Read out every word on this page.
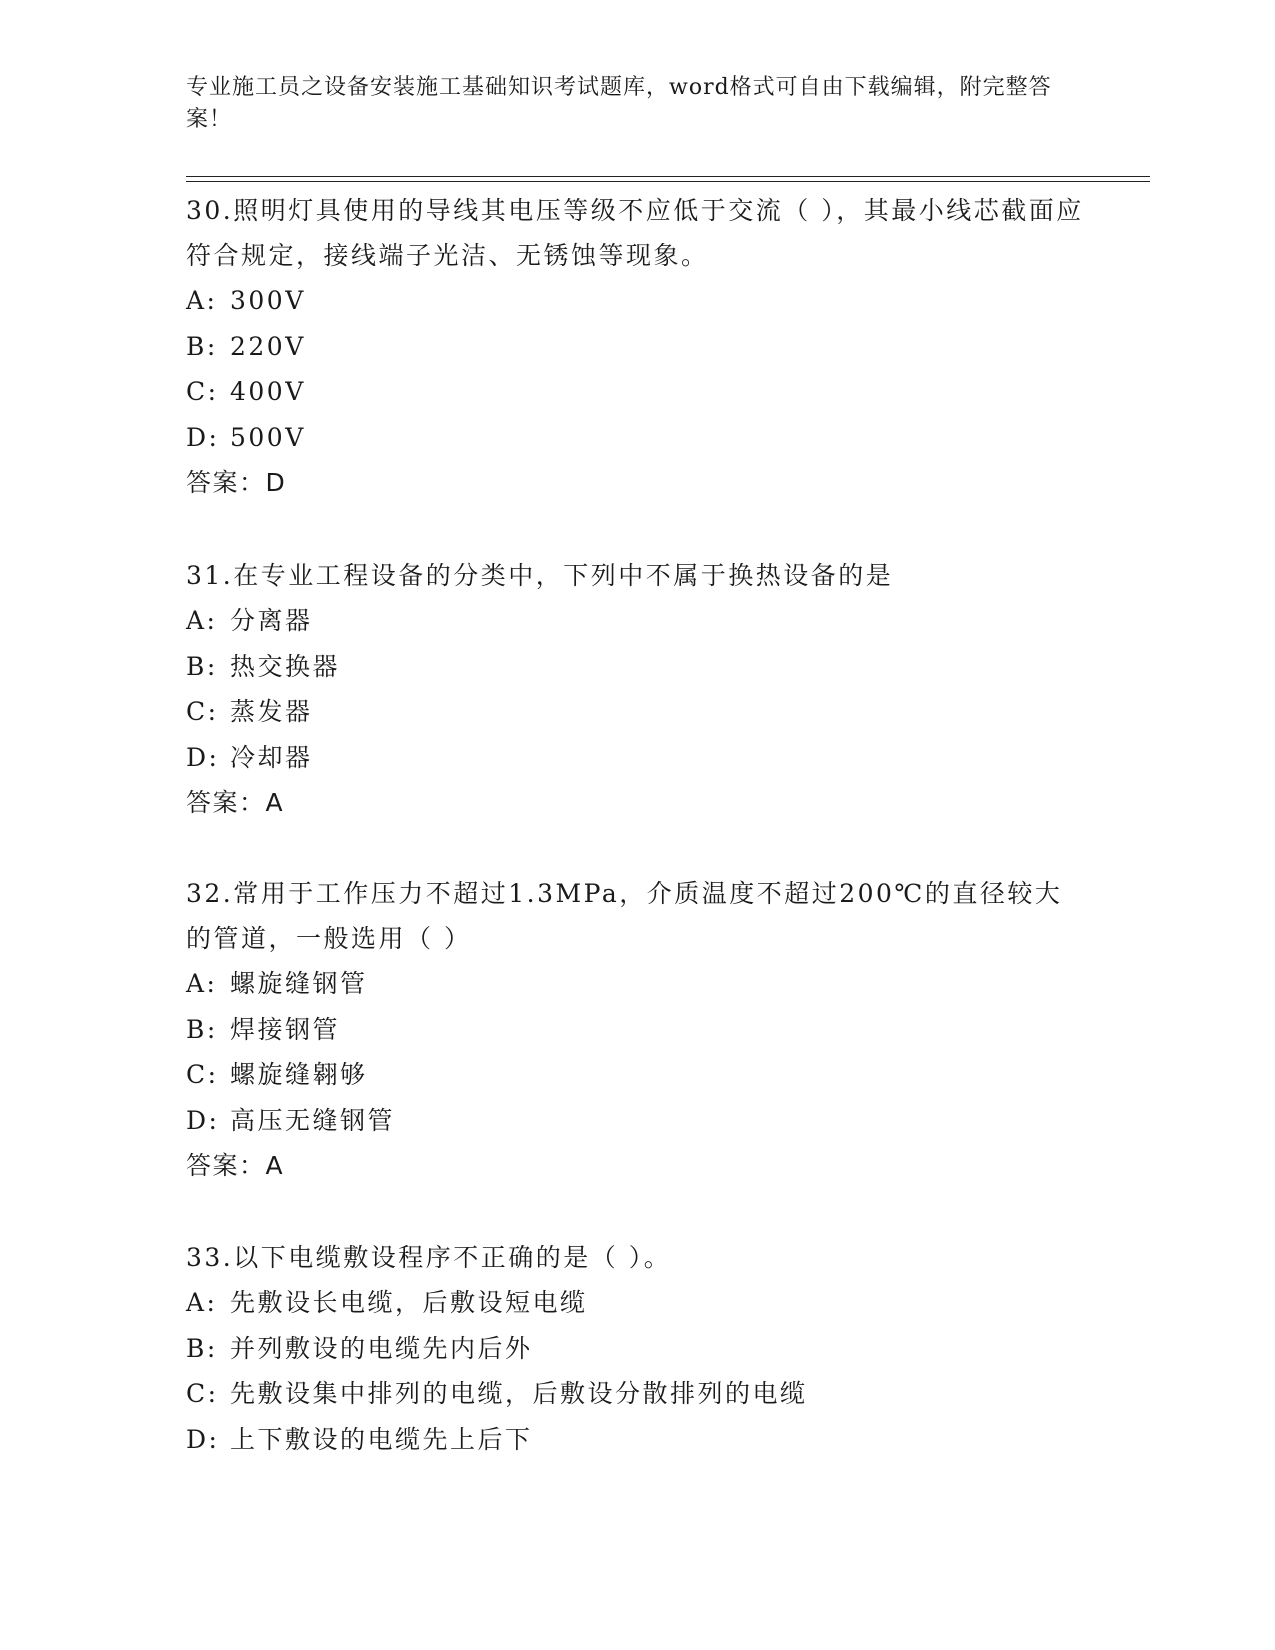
专业施工员之设备安装施工基础知识考试题库，word格式可自由下载编辑，附完整答案！

30.照明灯具使用的导线其电压等级不应低于交流（ ），其最小线芯截面应符合规定，接线端子光洁、无锈蚀等现象。

A: 300V

B: 220V

C: 400V

D: 500V

答案：D

31.在专业工程设备的分类中，下列中不属于换热设备的是

A: 分离器

B: 热交换器

C: 蒸发器

D: 冷却器

答案：A

32.常用于工作压力不超过1.3MPa，介质温度不超过200℃的直径较大的管道，一般选用（ ）

A: 螺旋缝钢管

B: 焊接钢管

C: 螺旋缝翱够

D: 高压无缝钢管

答案：A

33.以下电缆敷设程序不正确的是（ ）。

A: 先敷设长电缆，后敷设短电缆

B: 并列敷设的电缆先内后外

C: 先敷设集中排列的电缆，后敷设分散排列的电缆

D: 上下敷设的电缆先上后下
